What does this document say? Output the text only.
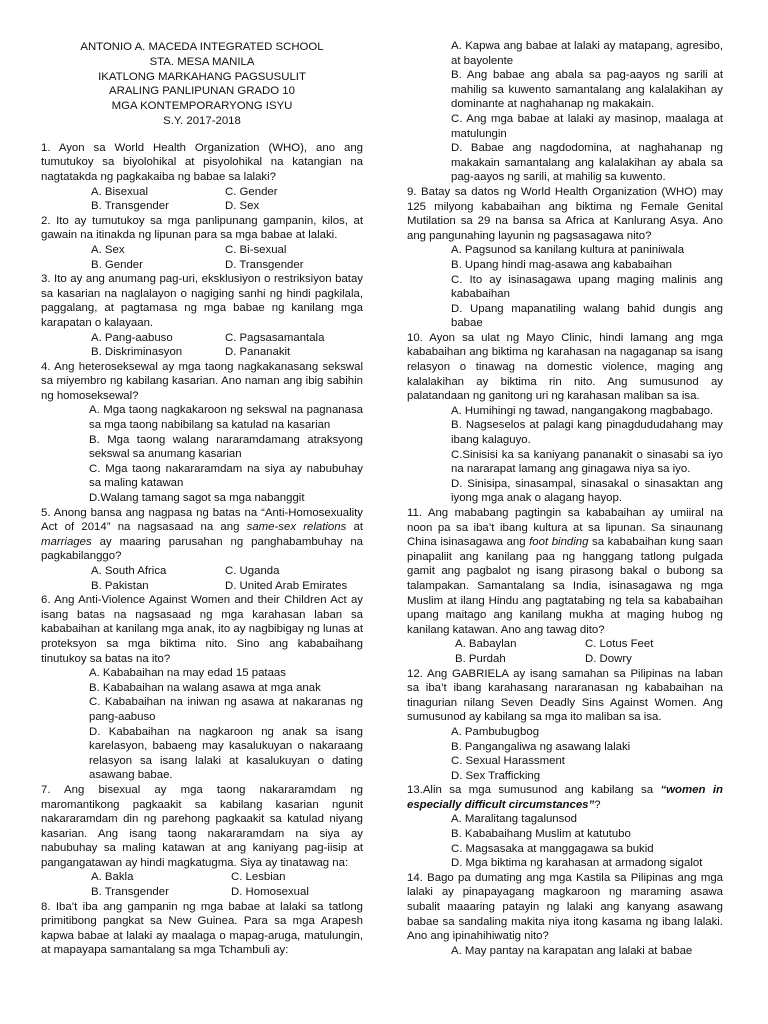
ANTONIO A. MACEDA INTEGRATED SCHOOL
STA. MESA MANILA
IKATLONG MARKAHANG PAGSUSULIT
ARALING PANLIPUNAN GRADO 10
MGA KONTEMPORARYONG ISYU
S.Y. 2017-2018
1. Ayon sa World Health Organization (WHO), ano ang tumutukoy sa biyolohikal at pisyolohikal na katangian na nagtatakda ng pagkakaiba ng babae sa lalaki?
A. Bisexual	C. Gender
B. Transgender	D. Sex
2. Ito ay tumutukoy sa mga panlipunang gampanin, kilos, at gawain na itinakda ng lipunan para sa mga babae at lalaki.
A. Sex	C. Bi-sexual
B. Gender	D. Transgender
3. Ito ay ang anumang pag-uri, eksklusiyon o restriksiyon batay sa kasarian na naglalayon o nagiging sanhi ng hindi pagkilala, paggalang, at pagtamasa ng mga babae ng kanilang mga karapatan o kalayaan.
A. Pang-aabuso	C. Pagsasamantala
B. Diskriminasyon	D. Pananakit
4. Ang heteroseksewal ay mga taong nagkakanasang sekswal sa miyembro ng kabilang kasarian. Ano naman ang ibig sabihin ng homoseksewal?
A. Mga taong nagkakaroon ng sekswal na pagnanasa sa mga taong nabibilang sa katulad na kasarian
B. Mga taong walang nararamdamang atraksyong sekswal sa anumang kasarian
C. Mga taong nakararamdam na siya ay nabubuhay sa maling katawan
D.Walang tamang sagot sa mga nabanggit
5. Anong bansa ang nagpasa ng batas na “Anti-Homosexuality Act of 2014” na nagsasaad na ang same-sex relations at marriages ay maaring parusahan ng panghabambuhay na pagkabilanggo?
A. South Africa	C. Uganda
B. Pakistan	D. United Arab Emirates
6. Ang Anti-Violence Against Women and their Children Act ay isang batas na nagsasaad ng mga karahasan laban sa kababaihan at kanilang mga anak, ito ay nagbibigay ng lunas at proteksyon sa mga biktima nito. Sino ang kababaihang tinutukoy sa batas na ito?
A. Kababaihan na may edad 15 pataas
B. Kababaihan na walang asawa at mga anak
C. Kababaihan na iniwan ng asawa at nakaranas ng pang-aabuso
D. Kababaihan na nagkaroon ng anak sa isang karelasyon, babaeng may kasalukuyan o nakaraang relasyon sa isang lalaki at kasalukuyan o dating asawang babae.
7. Ang bisexual ay mga taong nakararamdam ng maromantikong pagkaakit sa kabilang kasarian ngunit nakararamdam din ng parehong pagkaakit sa katulad niyang kasarian. Ang isang taong nakararamdam na siya ay nabubuhay sa maling katawan at ang kaniyang pag-iisip at pangangatawan ay hindi magkatugma. Siya ay tinatawag na:
A. Bakla	C. Lesbian
B. Transgender	D. Homosexual
8. Iba’t iba ang gampanin ng mga babae at lalaki sa tatlong primitibong pangkat sa New Guinea. Para sa mga Arapesh kapwa babae at lalaki ay maalaga o mapag-aruga, matulungin, at mapayapa samantalang sa mga Tchambuli ay:
A. Kapwa ang babae at lalaki ay matapang, agresibo, at bayolente
B. Ang babae ang abala sa pag-aayos ng sarili at mahilig sa kuwento samantalang ang kalalakihan ay dominante at naghahanap ng makakain.
C. Ang mga babae at lalaki ay masinop, maalaga at matulungin
D. Babae ang nagdodomina, at naghahanap ng makakain samantalang ang kalalakihan ay abala sa pag-aayos ng sarili, at mahilig sa kuwento.
9. Batay sa datos ng World Health Organization (WHO) may 125 milyong kababaihan ang biktima ng Female Genital Mutilation sa 29 na bansa sa Africa at Kanlurang Asya. Ano ang pangunahing layunin ng pagsasagawa nito?
A. Pagsunod sa kanilang kultura at paniniwala
B. Upang hindi mag-asawa ang kababaihan
C. Ito ay isinasagawa upang maging malinis ang kababaihan
D. Upang mapanatiling walang bahid dungis ang babae
10. Ayon sa ulat ng Mayo Clinic, hindi lamang ang mga kababaihan ang biktima ng karahasan na nagaganap sa isang relasyon o tinawag na domestic violence, maging ang kalalakihan ay biktima rin nito. Ang sumusunod ay palatandaan ng ganitong uri ng karahasan maliban sa isa.
A. Humihingi ng tawad, nangangakong magbabago.
B. Nagseselos at palagi kang pinagdududahang may ibang kalaguyo.
C.Sinisisi ka sa kaniyang pananakit o sinasabi sa iyo na nararapat lamang ang ginagawa niya sa iyo.
D. Sinisipa, sinasampal, sinasakal o sinasaktan ang iyong mga anak o alagang hayop.
11. Ang mababang pagtingin sa kababaihan ay umiiral na noon pa sa iba’t ibang kultura at sa lipunan. Sa sinaunang China isinasagawa ang foot binding sa kababaihan kung saan pinapaliit ang kanilang paa ng hanggang tatlong pulgada gamit ang pagbalot ng isang pirasong bakal o bubong sa talampakan. Samantalang sa India, isinasagawa ng mga Muslim at ilang Hindu ang pagtatabing ng tela sa kababaihan upang maitago ang kanilang mukha at maging hubog ng kanilang katawan. Ano ang tawag dito?
A. Babaylan	C. Lotus Feet
B. Purdah	D. Dowry
12. Ang GABRIELA ay isang samahan sa Pilipinas na laban sa iba’t ibang karahasang nararanasan ng kababaihan na tinagurian nilang Seven Deadly Sins Against Women. Ang sumusunod ay kabilang sa mga ito maliban sa isa.
A. Pambubugbog
B. Pangangaliwa ng asawang lalaki
C. Sexual Harassment
D. Sex Trafficking
13.Alin sa mga sumusunod ang kabilang sa “women in especially difficult circumstances”?
A. Maralitang tagalunsod
B. Kababaihang Muslim at katutubo
C. Magsasaka at manggagawa sa bukid
D. Mga biktima ng karahasan at armadong sigalot
14. Bago pa dumating ang mga Kastila sa Pilipinas ang mga lalaki ay pinapayagang magkaroon ng maraming asawa subalit maaaring patayin ng lalaki ang kanyang asawang babae sa sandaling makita niya itong kasama ng ibang lalaki. Ano ang ipinahihiwatig nito?
A. May pantay na karapatan ang lalaki at babae
